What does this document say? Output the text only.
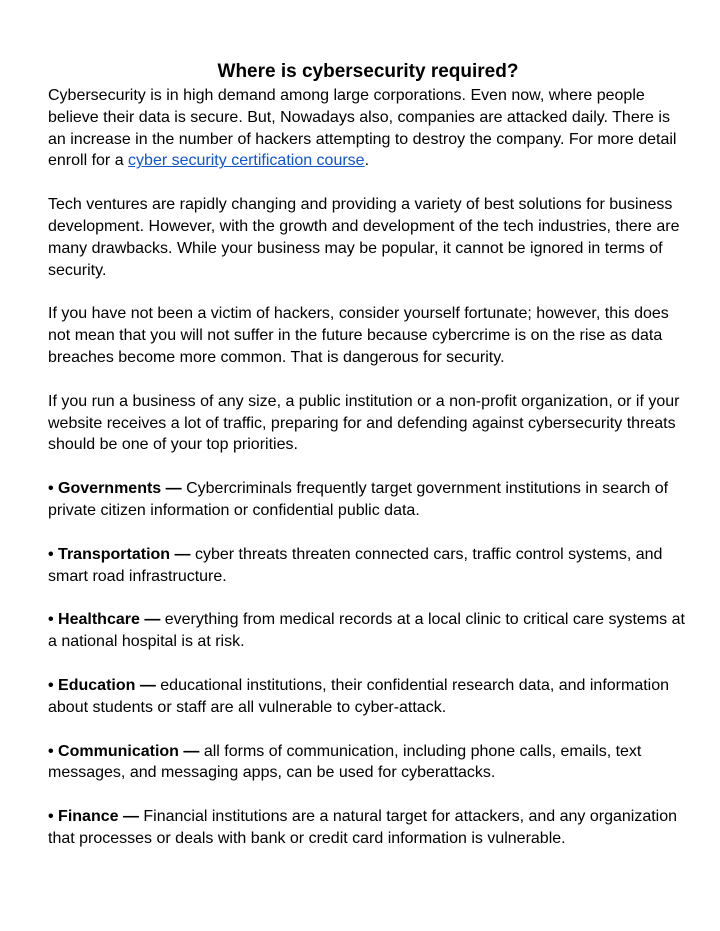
Where is cybersecurity required?

Cybersecurity is in high demand among large corporations. Even now, where people believe their data is secure. But, Nowadays also, companies are attacked daily. There is an increase in the number of hackers attempting to destroy the company. For more detail enroll for a cyber security certification course.

Tech ventures are rapidly changing and providing a variety of best solutions for business development. However, with the growth and development of the tech industries, there are many drawbacks. While your business may be popular, it cannot be ignored in terms of security.

If you have not been a victim of hackers, consider yourself fortunate; however, this does not mean that you will not suffer in the future because cybercrime is on the rise as data breaches become more common. That is dangerous for security.

If you run a business of any size, a public institution or a non-profit organization, or if your website receives a lot of traffic, preparing for and defending against cybersecurity threats should be one of your top priorities.

• Governments — Cybercriminals frequently target government institutions in search of private citizen information or confidential public data.

• Transportation — cyber threats threaten connected cars, traffic control systems, and smart road infrastructure.

• Healthcare — everything from medical records at a local clinic to critical care systems at a national hospital is at risk.

• Education — educational institutions, their confidential research data, and information about students or staff are all vulnerable to cyber-attack.

• Communication — all forms of communication, including phone calls, emails, text messages, and messaging apps, can be used for cyberattacks.

• Finance — Financial institutions are a natural target for attackers, and any organization that processes or deals with bank or credit card information is vulnerable.
